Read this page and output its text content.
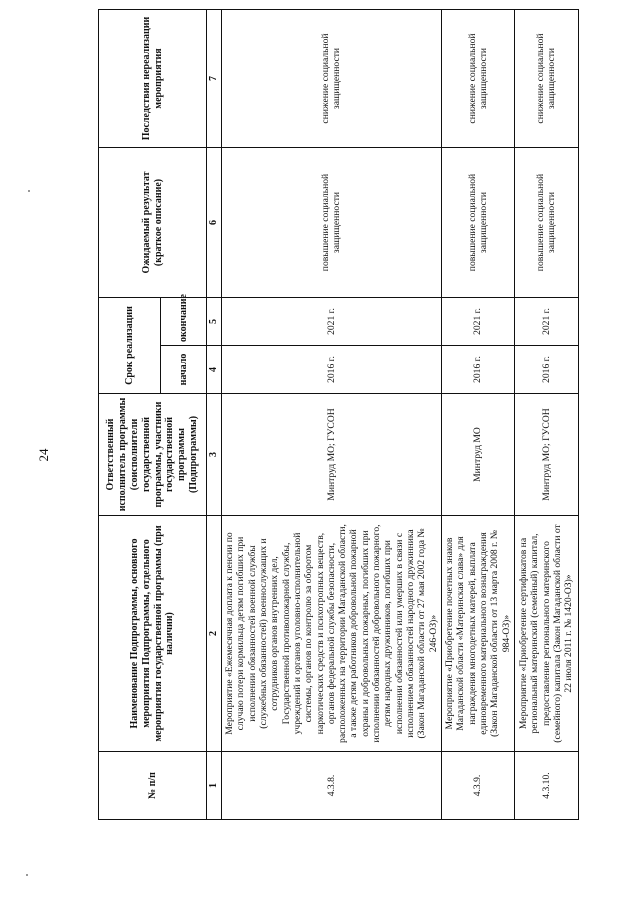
24
№ п/п	Наименование Подпрограммы, основного мероприятия Подпрограммы, отдельного мероприятия государственной программы (при наличии)	Ответственный исполнитель программы (соисполнители государственной программы, участники государственной программы (Подпрограммы)	Срок реализации		Ожидаемый результат (краткое описание)	Последствия нереализации мероприятия
			начало	окончание		
1	2	3	4	5	6	7
4.3.8.	Мероприятие «Ежемесячная доплата к пенсии по случаю потери кормильца детям погибших при исполнении обязанностей военной службы (служебных обязанностей) военнослужащих и сотрудников органов внутренних дел, Государственной противопожарной службы, учреждений и органов уголовно-исполнительной системы, органов по контролю за оборотом наркотических средств и психотропных веществ, органов федеральной службы безопасности, расположенных на территории Магаданской области, а также детям работников добровольной пожарной охраны и добровольных пожарных, погибших при исполнении обязанностей добровольного пожарного, детям народных дружинников, погибших при исполнении обязанностей или умерших в связи с исполнением обязанностей народного дружинника (Закон Магаданской области от 27 мая 2002 года № 246-ОЗ)»	Минтруд МО; ГУСОН	2016 г.	2021 г.	повышение социальной защищенности	снижение социальной защищенности
4.3.9.	Мероприятие «Приобретение почетных знаков Магаданской области «Материнская слава» для награждения многодетных матерей, выплата единовременного материального вознаграждения (Закон Магаданской области от 13 марта 2008 г. № 984-ОЗ)»	Минтруд МО	2016 г.	2021 г.	повышение социальной защищенности	снижение социальной защищенности
4.3.10.	Мероприятие «Приобретение сертификатов на региональный материнский (семейный) капитал, предоставление регионального материнского (семейного) капитала (Закон Магаданской области от 22 июля 2011 г. № 1420-ОЗ)»	Минтруд МО; ГУСОН	2016 г.	2021 г.	повышение социальной защищенности	снижение социальной защищенности
